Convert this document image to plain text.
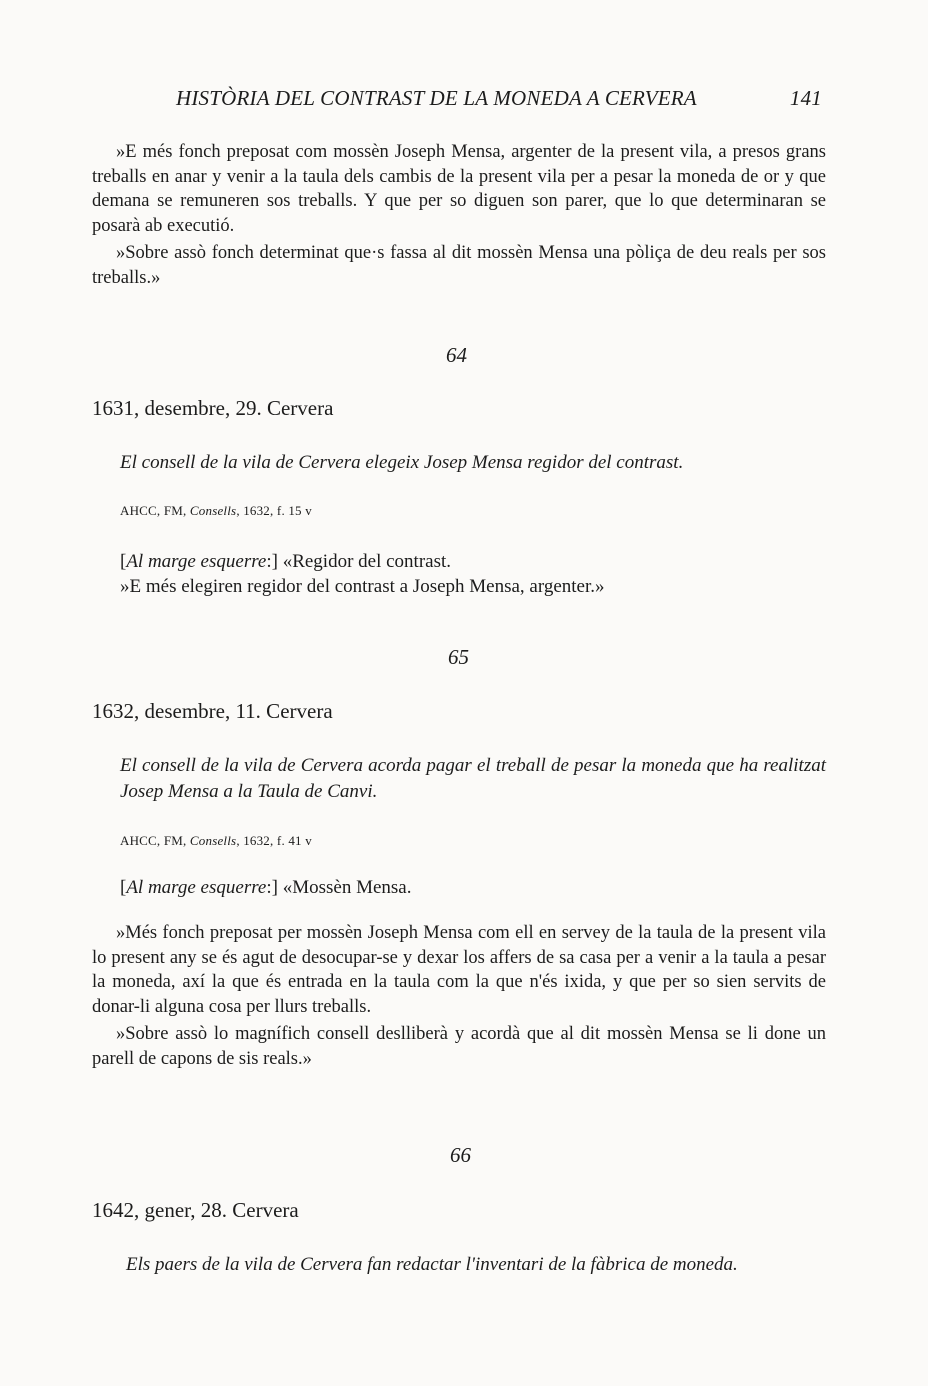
HISTÒRIA DEL CONTRAST DE LA MONEDA A CERVERA	141

»E més fonch preposat com mossèn Joseph Mensa, argenter de la present vila, a presos grans treballs en anar y venir a la taula dels cambis de la present vila per a pesar la moneda de or y que demana se remuneren sos treballs. Y que per so diguen son parer, que lo que determinaran se posarà ab executió.

»Sobre assò fonch determinat que·s fassa al dit mossèn Mensa una pòliça de deu reals per sos treballs.»

64
1631, desembre, 29. Cervera

El consell de la vila de Cervera elegeix Josep Mensa regidor del contrast.

AHCC, FM, Consells, 1632, f. 15 v

[Al marge esquerre:] «Regidor del contrast.

»E més elegiren regidor del contrast a Joseph Mensa, argenter.»

65
1632, desembre, 11. Cervera

El consell de la vila de Cervera acorda pagar el treball de pesar la moneda que ha realitzat Josep Mensa a la Taula de Canvi.

AHCC, FM, Consells, 1632, f. 41 v

[Al marge esquerre:] «Mossèn Mensa.

»Més fonch preposat per mossèn Joseph Mensa com ell en servey de la taula de la present vila lo present any se és agut de desocupar-se y dexar los affers de sa casa per a venir a la taula a pesar la moneda, axí la que és entrada en la taula com la que n'és ixida, y que per so sien servits de donar-li alguna cosa per llurs treballs.

»Sobre assò lo magnífich consell deslliberà y acordà que al dit mossèn Mensa se li done un parell de capons de sis reals.»

66
1642, gener, 28. Cervera

Els paers de la vila de Cervera fan redactar l'inventari de la fàbrica de moneda.
